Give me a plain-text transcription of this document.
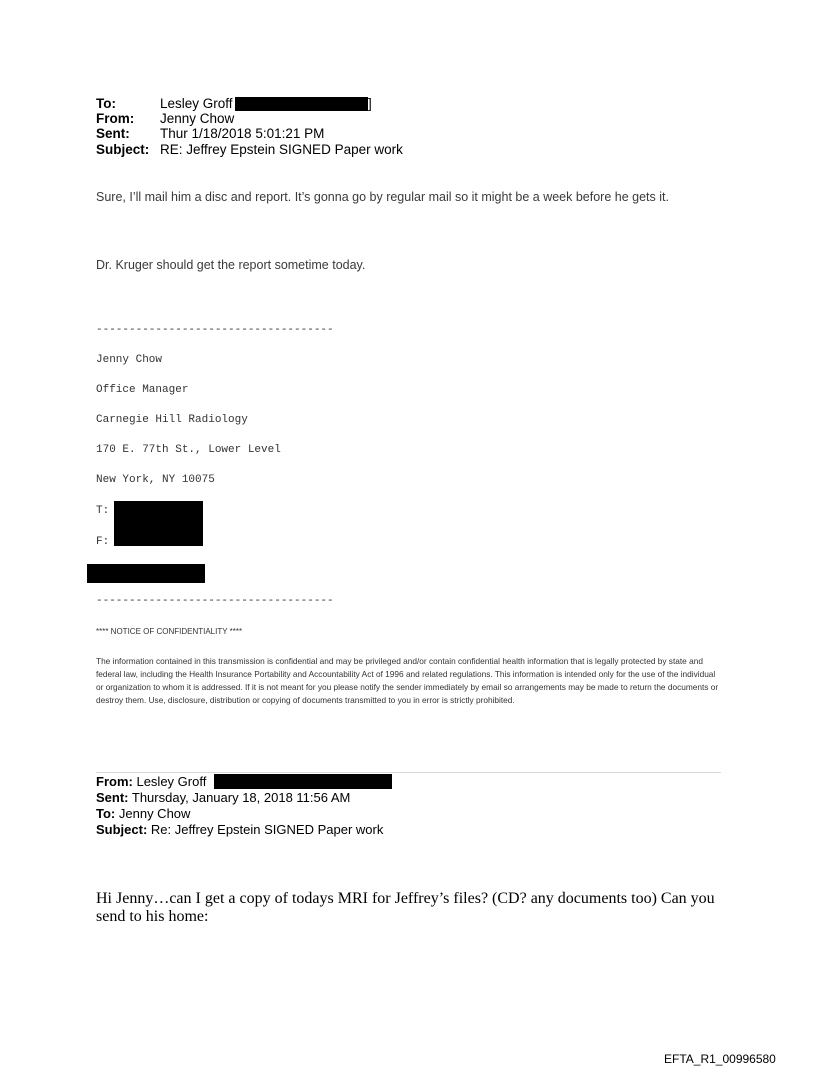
To:	Lesley Groff	]
From: Jenny Chow
Sent: Thur 1/18/2018 5:01:21 PM
Subject: RE: Jeffrey Epstein SIGNED Paper work
Sure, I’ll mail him a disc and report. It’s gonna go by regular mail so it might be a week before he gets it.
Dr. Kruger should get the report sometime today.
------------------------------------
Jenny Chow
Office Manager
Carnegie Hill Radiology
170 E. 77th St., Lower Level
New York, NY 10075
T:
F:
------------------------------------
**** NOTICE OF CONFIDENTIALITY ****
The information contained in this transmission is confidential and may be privileged and/or contain confidential health information that is legally protected by state and federal law, including the Health Insurance Portability and Accountability Act of 1996 and related regulations. This information is intended only for the use of the individual or organization to whom it is addressed. If it is not meant for you please notify the sender immediately by email so arrangements may be made to return the documents or destroy them. Use, disclosure, distribution or copying of documents transmitted to you in error is strictly prohibited.
From: Lesley Groff
Sent: Thursday, January 18, 2018 11:56 AM
To: Jenny Chow
Subject: Re: Jeffrey Epstein SIGNED Paper work
Hi Jenny…can I get a copy of todays MRI for Jeffrey’s files? (CD? any documents too) Can you send to his home:
EFTA_R1_00996580
